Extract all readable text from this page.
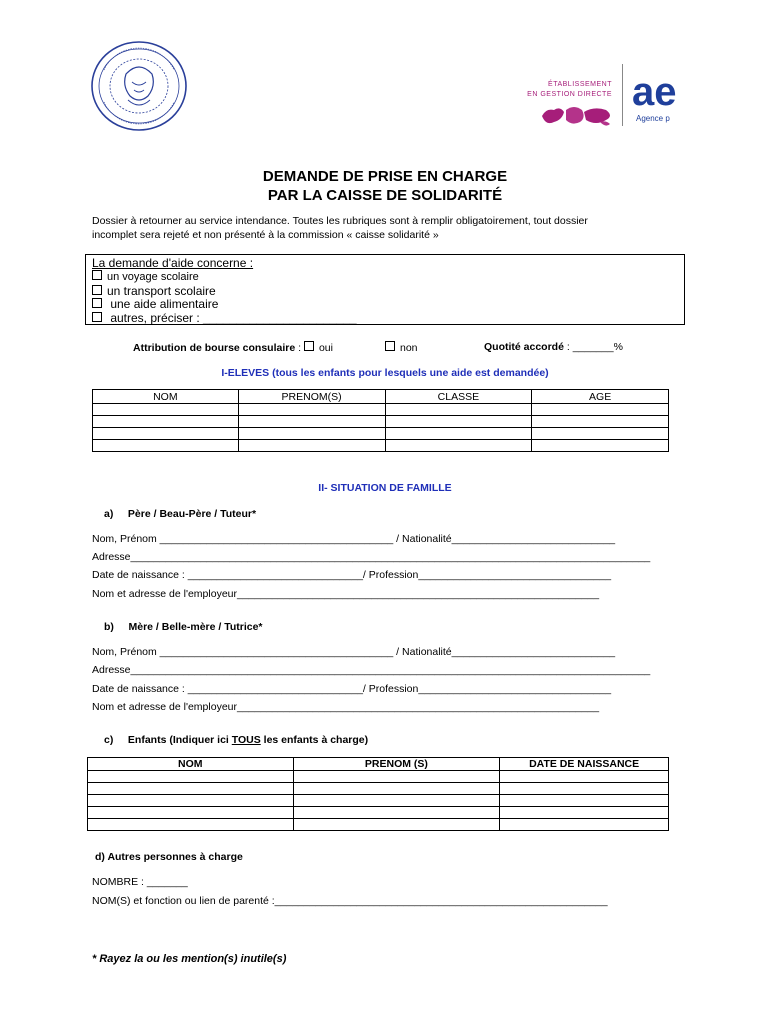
ÉTABLISSEMENT
EN GESTION DIRECTE ae
Agence p
DEMANDE DE PRISE EN CHARGE
PAR LA CAISSE DE SOLIDARITÉ
Dossier à retourner au service intendance. Toutes les rubriques sont à remplir obligatoirement, tout dossier
incomplet sera rejeté et non présenté à la commission « caisse solidarité »
La demande d'aide concerne :
un voyage scolaire
un transport scolaire
une aide alimentaire
autres, préciser : _______________________
Attribution de bourse consulaire : oui	non	Quotité accordé : _______%
I-ELEVES (tous les enfants pour lesquels une aide est demandée)
NOM	PRENOM(S)	CLASSE	AGE

II- SITUATION DE FAMILLE
a)     Père / Beau-Père / Tuteur*
Nom, Prénom ________________________________________ / Nationalité____________________________
Adresse_________________________________________________________________________________________
Date de naissance : ______________________________/ Profession_________________________________
Nom et adresse de l'employeur______________________________________________________________
b)     Mère / Belle-mère / Tutrice*
Nom, Prénom ________________________________________ / Nationalité____________________________
Adresse_________________________________________________________________________________________
Date de naissance : ______________________________/ Profession_________________________________
Nom et adresse de l'employeur______________________________________________________________
c)     Enfants (Indiquer ici TOUS les enfants à charge)
NOM	PRENOM (S)	DATE DE NAISSANCE

d) Autres personnes à charge
NOMBRE : _______
NOM(S) et fonction ou lien de parenté :_________________________________________________________
* Rayez la ou les mention(s) inutile(s)
